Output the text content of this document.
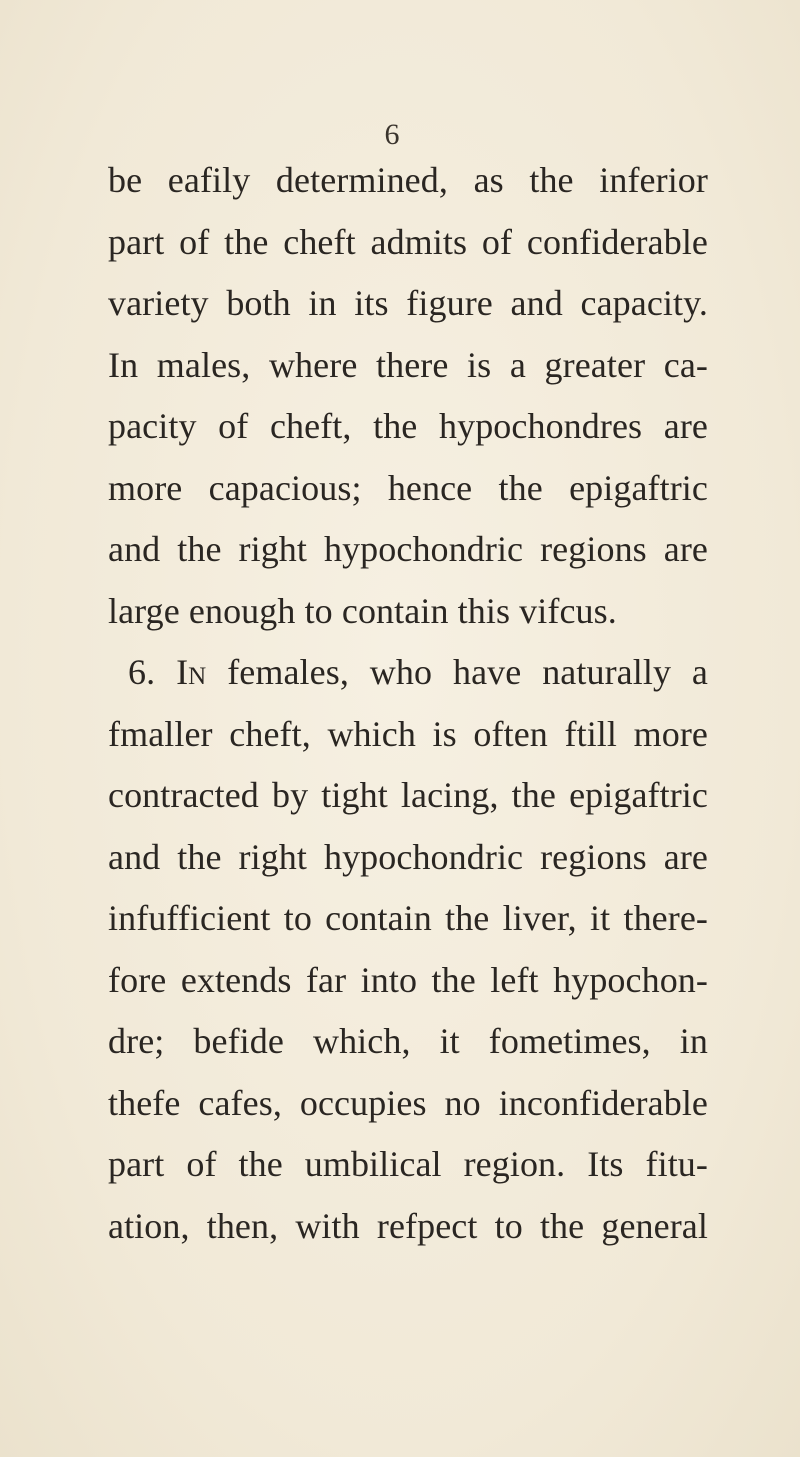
6
be eafily determined, as the inferior
part of the cheft admits of confiderable
variety both in its figure and capacity.
In males, where there is a greater ca-
pacity of cheft, the hypochondres are
more capacious; hence the epigaftric
and the right hypochondric regions are
large enough to contain this vifcus.
6. In females, who have naturally a
fmaller cheft, which is often ftill more
contracted by tight lacing, the epigaftric
and the right hypochondric regions are
infufficient to contain the liver, it there-
fore extends far into the left hypochon-
dre; befide which, it fometimes, in
thefe cafes, occupies no inconfiderable
part of the umbilical region. Its fitu-
ation, then, with refpect to the general
